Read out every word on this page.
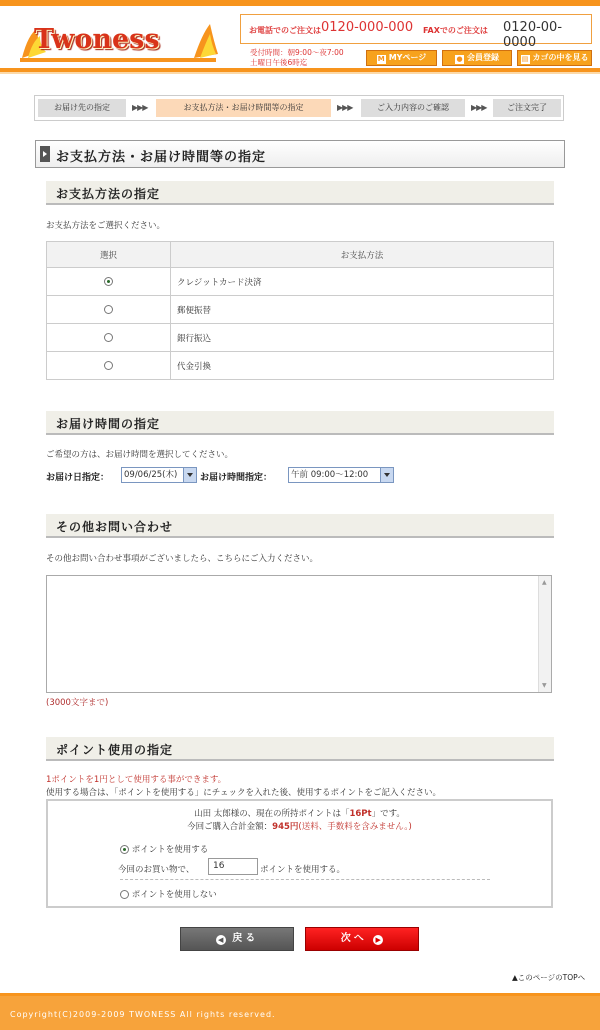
Twoness	お電話でのご注文は 0120-000-000 FAXでのご注文は 0120-00-0000
受付時間：朝9:00〜夜7:00
土曜日午後6時迄	M MYページ	● 会員登録	▤ カゴの中を見る
お届け先の指定	▶▶▶	お支払方法・お届け時間等の指定	▶▶▶	ご入力内容のご確認	▶▶▶	ご注文完了
お支払方法・お届け時間等の指定
お支払方法の指定
お支払方法をご選択ください。
選択	お支払方法
	クレジットカード決済
	郵便振替
	銀行振込
	代金引換
お届け時間の指定
ご希望の方は、お届け時間を選択してください。
お届け日指定：	09/06/25(木)	お届け時間指定：	午前 09:00〜12:00
その他お問い合わせ
その他お問い合わせ事項がございましたら、こちらにご入力ください。
▲
▼
(3000文字まで)
ポイント使用の指定
1ポイントを1円として使用する事ができます。
使用する場合は、「ポイントを使用する」にチェックを入れた後、使用するポイントをご記入ください。
山田 太郎様の、現在の所持ポイントは「16Pt」です。
今回ご購入合計金額：945円(送料、手数料を含みません。)
ポイントを使用する
今回のお買い物で、	16	ポイントを使用する。
ポイントを使用しない
◀ 戻る	次へ ▶
▲このページのTOPへ
Copyright(C)2009-2009 TWONESS All rights reserved.
